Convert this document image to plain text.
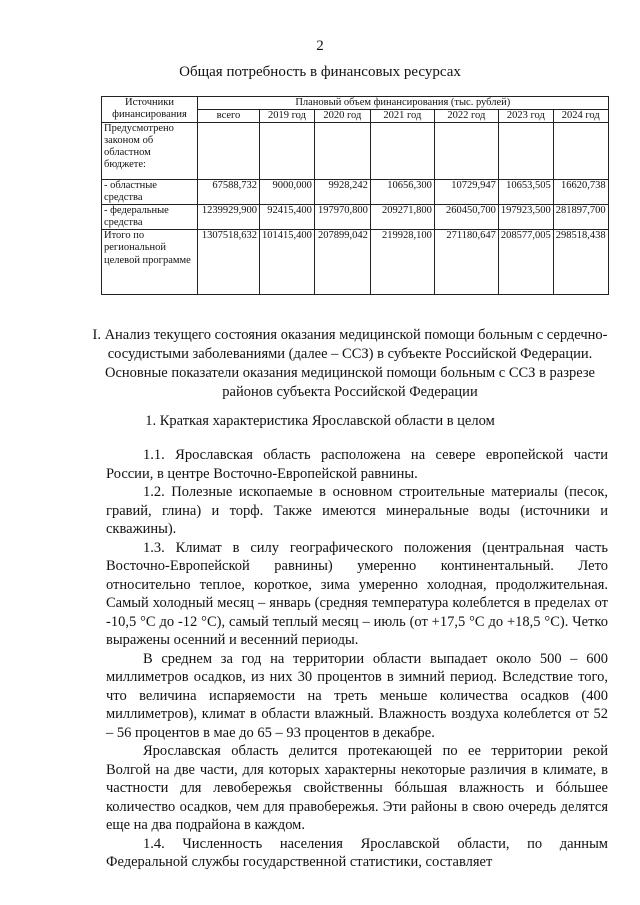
2
Общая потребность в финансовых ресурсах
Источники финансирования	Плановый объем финансирования (тыс. рублей)						
	всего	2019 год	2020 год	2021 год	2022 год	2023 год	2024 год
Предусмотрено законом об областном бюджете:							
- областные средства	67588,732	9000,000	9928,242	10656,300	10729,947	10653,505	16620,738
- федеральные средства	1239929,900	92415,400	197970,800	209271,800	260450,700	197923,500	281897,700
Итого по региональной целевой программе	1307518,632	101415,400	207899,042	219928,100	271180,647	208577,005	298518,438
I. Анализ текущего состояния оказания медицинской помощи больным с сердечно-сосудистыми заболеваниями (далее – ССЗ) в субъекте Российской Федерации. Основные показатели оказания медицинской помощи больным с ССЗ в разрезе районов субъекта Российской Федерации
1. Краткая характеристика Ярославской области в целом

1.1. Ярославская область расположена на севере европейской части России, в центре Восточно-Европейской равнины.

1.2. Полезные ископаемые в основном строительные материалы (песок, гравий, глина) и торф. Также имеются минеральные воды (источники и скважины).

1.3. Климат в силу географического положения (центральная часть Восточно-Европейской равнины) умеренно континентальный. Лето относительно теплое, короткое, зима умеренно холодная, продолжительная. Самый холодный месяц – январь (средняя температура колеблется в пределах от -10,5 °С до -12 °С), самый теплый месяц – июль (от +17,5 °С до +18,5 °С). Четко выражены осенний и весенний периоды.

В среднем за год на территории области выпадает около 500 – 600 миллиметров осадков, из них 30 процентов в зимний период. Вследствие того, что величина испаряемости на треть меньше количества осадков (400 миллиметров), климат в области влажный. Влажность воздуха колеблется от 52 – 56 процентов в мае до 65 – 93 процентов в декабре.

Ярославская область делится протекающей по ее территории рекой Волгой на две части, для которых характерны некоторые различия в климате, в частности для левобережья свойственны бóльшая влажность и бóльшее количество осадков, чем для правобережья. Эти районы в свою очередь делятся еще на два подрайона в каждом.

1.4. Численность населения Ярославской области, по данным Федеральной службы государственной статистики, составляет
